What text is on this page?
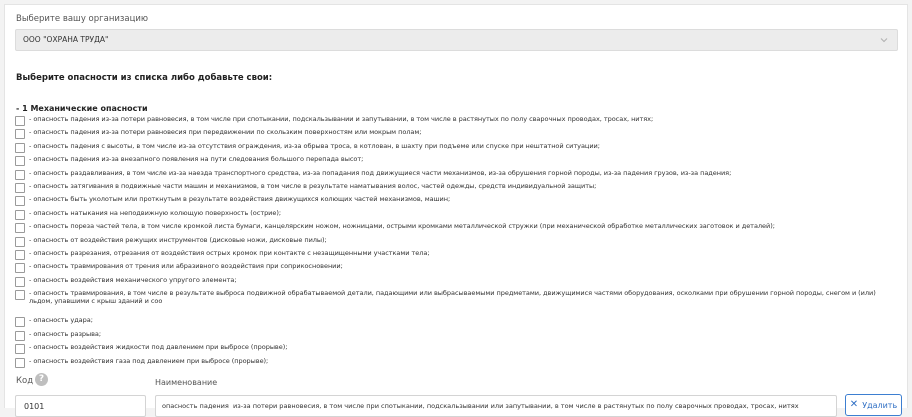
Выберите вашу организацию
ООО "ОХРАНА ТРУДА"
Выберите опасности из списка либо добавьте свои:
- 1 Механические опасности
- опасность падения из-за потери равновесия, в том числе при спотыкании, подскальзывании и запутывании, в том числе в растянутых по полу сварочных проводах, тросах, нитях;
- опасность падения из-за потери равновесия при передвижении по скользким поверхностям или мокрым полам;
- опасность падения с высоты, в том числе из-за отсутствия ограждения, из-за обрыва троса, в котлован, в шахту при подъеме или спуске при нештатной ситуации;
- опасность падения из-за внезапного появления на пути следования большого перепада высот;
- опасность раздавливания, в том числе из-за наезда транспортного средства, из-за попадания под движущиеся части механизмов, из-за обрушения горной породы, из-за падения грузов, из-за падения;
- опасность затягивания в подвижные части машин и механизмов, в том числе в результате наматывания волос, частей одежды, средств индивидуальной защиты;
- опасность быть уколотым или проткнутым в результате воздействия движущихся колющих частей механизмов, машин;
- опасность натыкания на неподвижную колющую поверхность (острие);
- опасность пореза частей тела, в том числе кромкой листа бумаги, канцелярским ножом, ножницами, острыми кромками металлической стружки (при механической обработке металлических заготовок и деталей);
- опасность от воздействия режущих инструментов (дисковые ножи, дисковые пилы);
- опасность разрезания, отрезания от воздействия острых кромок при контакте с незащищенными участками тела;
- опасность травмирования от трения или абразивного воздействия при соприкосновении;
- опасность воздействия механического упругого элемента;
- опасность травмирования, в том числе в результате выброса подвижной обрабатываемой детали, падающими или выбрасываемыми предметами, движущимися частями оборудования, осколками при обрушении горной породы, снегом и (или) льдом, упавшими с крыш зданий и соо
- опасность удара;
- опасность разрыва;
- опасность воздействия жидкости под давлением при выбросе (прорыве);
- опасность воздействия газа под давлением при выбросе (прорыве);
Код ?	Наименование
0101
опасность падения из-за потери равновесия, в том числе при спотыкании, подскальзывании или запутывании, в том числе в растянутых по полу сварочных проводах, тросах, нитях
✕ Удалить
